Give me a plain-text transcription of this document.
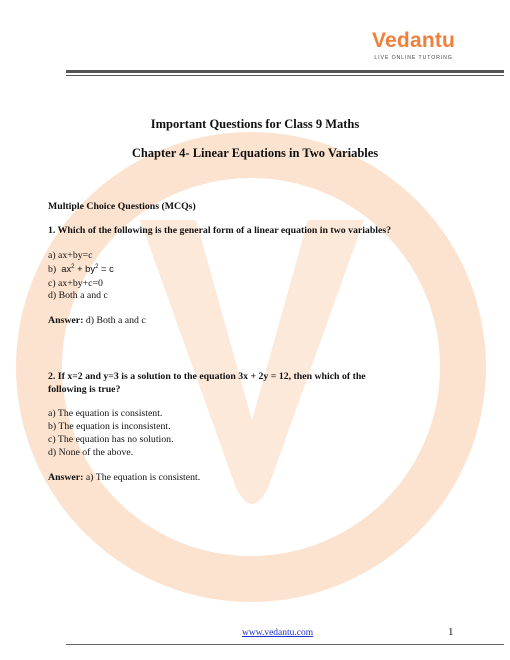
Vedantu
LIVE ONLINE TUTORING
Important Questions for Class 9 Maths
Chapter 4- Linear Equations in Two Variables
Multiple Choice Questions (MCQs)
1. Which of the following is the general form of a linear equation in two variables?
a) ax+by=c
b) $ax^2 + by^2 = c$
c) ax+by+c=0
d) Both a and c
Answer: d) Both a and c
2. If x=2 and y=3 is a solution to the equation 3x + 2y = 12, then which of the
following is true?
a) The equation is consistent.
b) The equation is inconsistent.
c) The equation has no solution.
d) None of the above.
Answer: a) The equation is consistent.
www.vedantu.com	1
